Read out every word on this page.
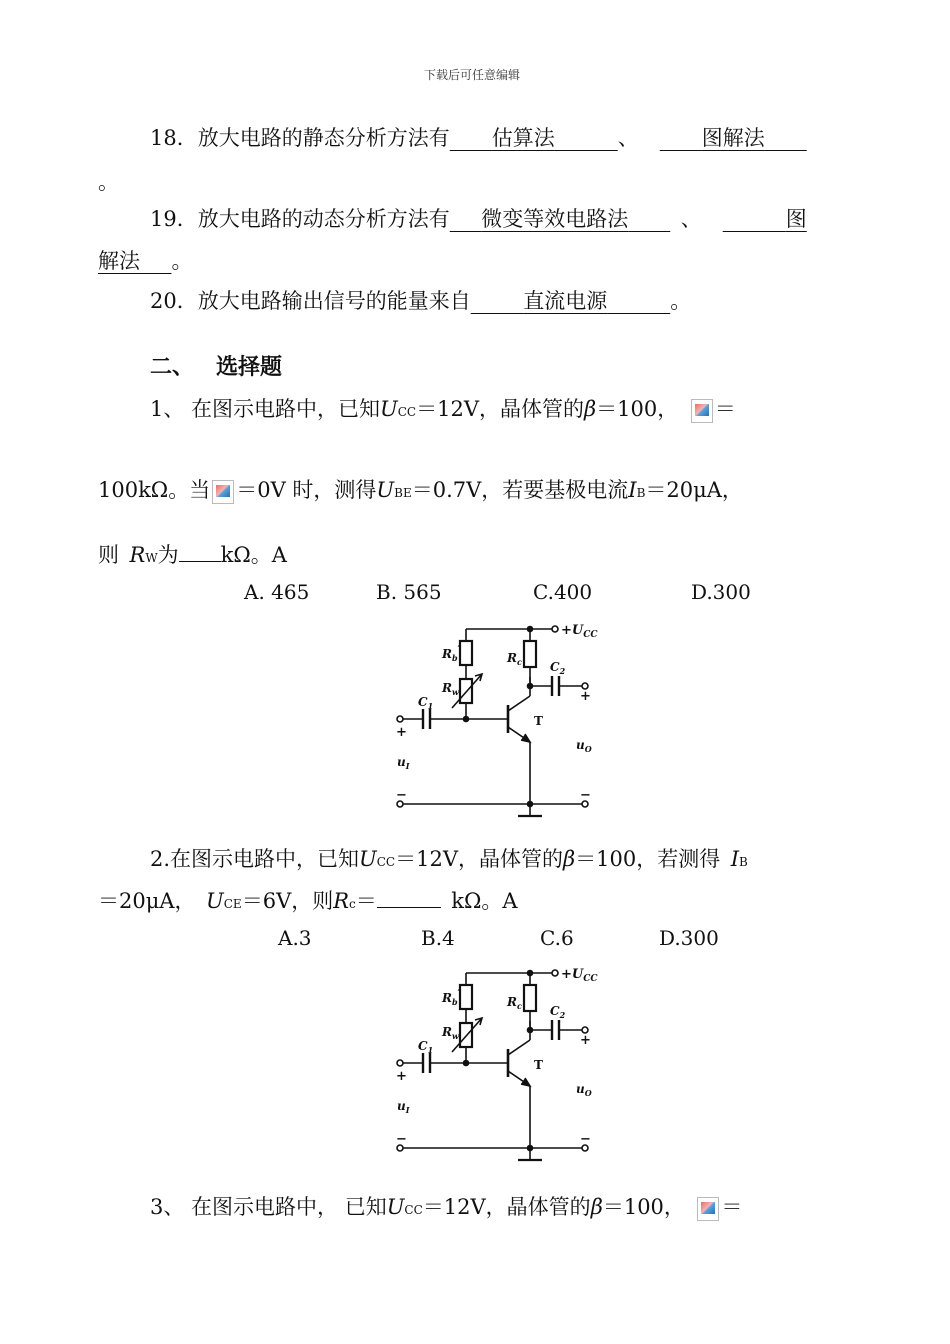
下载后可任意编辑
18．放大电路的静态分析方法有   估算法   	、   	图解法  
。
19．放大电路的动态分析方法有   微变等效电路法   	、    	图
解法   。
20．放大电路输出信号的能量来自   	直流电源   	。
二、  选择题
1、 在图示电路中，已知UCC＝12V，晶体管的β＝100，  ＝
100kΩ。当 ＝0V 时，测得UBE＝0.7V，若要基极电流IB＝20μA，
则  RW为 kΩ。A
A. 465	B. 565	C.400	D.300
$+U_{CC}$
$R_b'$
$R_w$
$R_c$
$C_1$
$C_2$
T
+
+
−	−
$u_I$
$u_O$
2.在图示电路中，已知UCC＝12V，晶体管的β＝100，若测得  IB
＝20μA，  UCE＝6V，则Rc＝ 	kΩ。A
A.3	B.4	C.6	D.300
$+U_{CC}$
$R_b'$
$R_w$
$R_c$
$C_1$
$C_2$
T
+
+
−	−
$u_I$
$u_O$
3、 在图示电路中， 已知UCC＝12V，晶体管的β＝100，  ＝
